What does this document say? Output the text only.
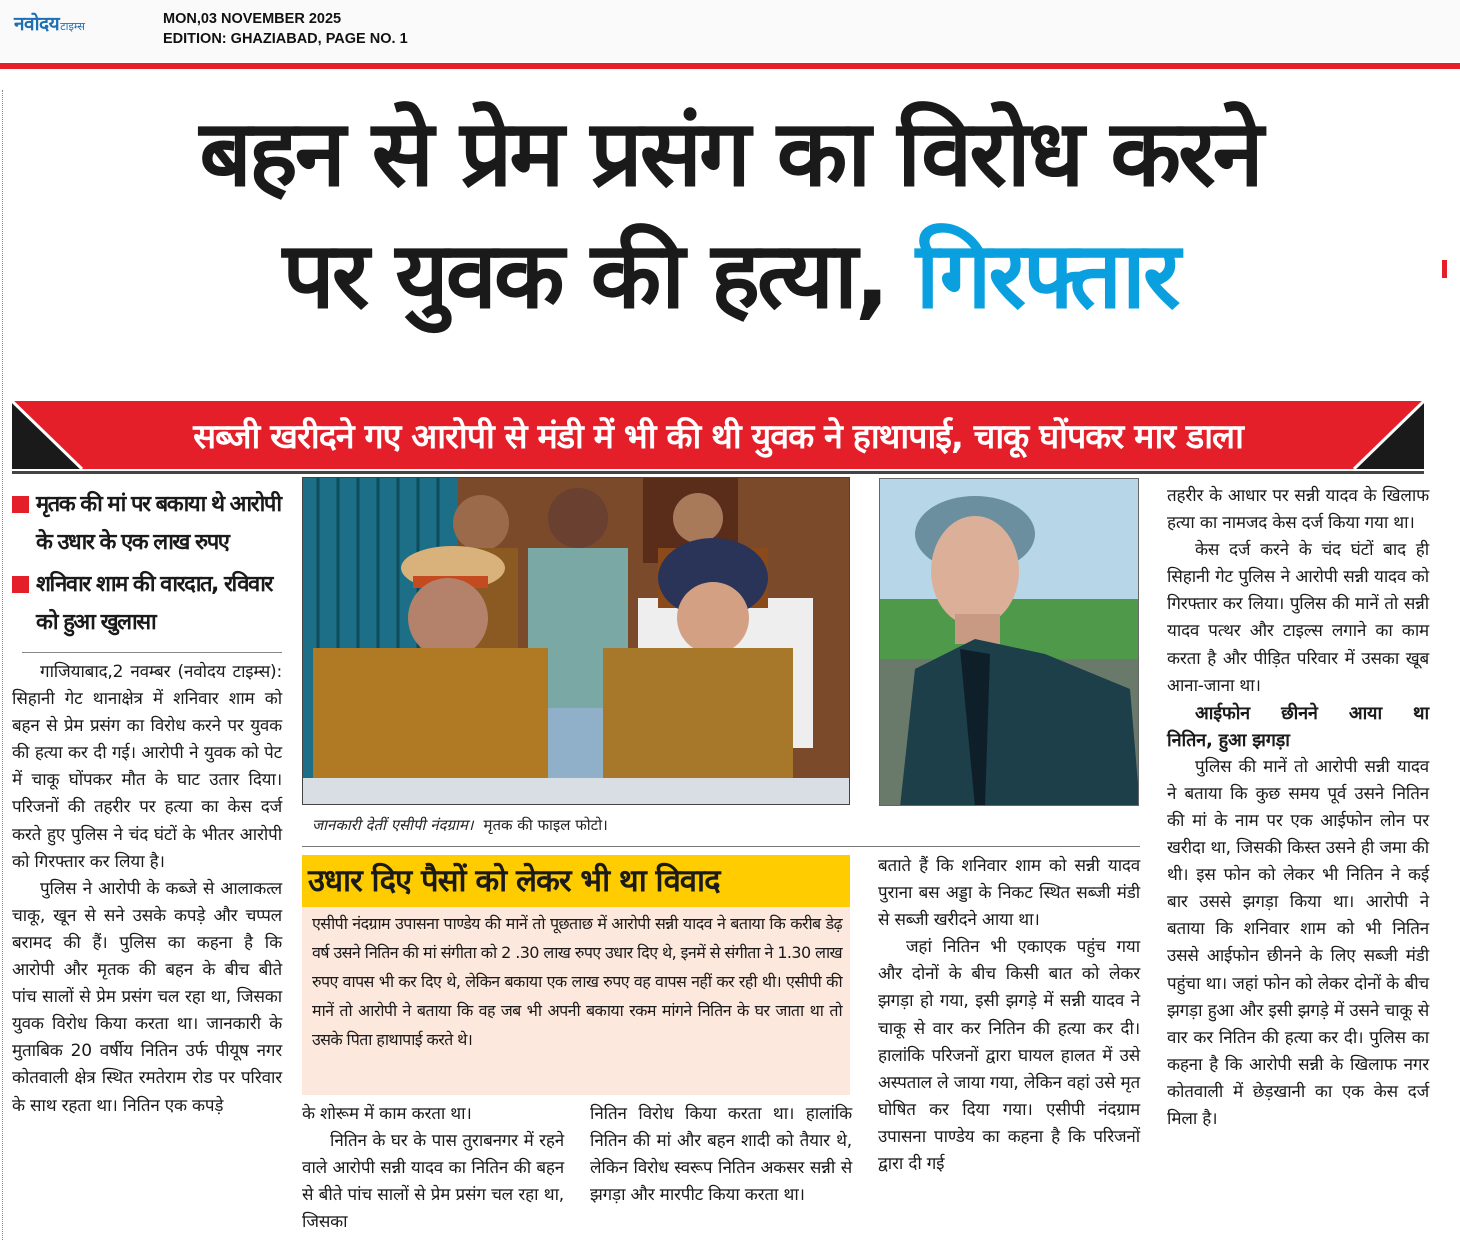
नवोदय टाइम्स	MON,03 NOVEMBER 2025
EDITION: GHAZIABAD, PAGE NO. 1
बहन से प्रेम प्रसंग का विरोध करने
पर युवक की हत्या, गिरफ्तार
सब्जी खरीदने गए आरोपी से मंडी में भी की थी युवक ने हाथापाई, चाकू घोंपकर मार डाला
मृतक की मां पर बकाया थे आरोपी के उधार के एक लाख रुपए
शनिवार शाम की वारदात, रविवार को हुआ खुलासा

गाजियाबाद,2 नवम्बर (नवोदय टाइम्स): सिहानी गेट थानाक्षेत्र में शनिवार शाम को बहन से प्रेम प्रसंग का विरोध करने पर युवक की हत्या कर दी गई। आरोपी ने युवक को पेट में चाकू घोंपकर मौत के घाट उतार दिया। परिजनों की तहरीर पर हत्या का केस दर्ज करते हुए पुलिस ने चंद घंटों के भीतर आरोपी को गिरफ्तार कर लिया है।

पुलिस ने आरोपी के कब्जे से आलाकत्ल चाकू, खून से सने उसके कपड़े और चप्पल बरामद की हैं। पुलिस का कहना है कि आरोपी और मृतक की बहन के बीच बीते पांच सालों से प्रेम प्रसंग चल रहा था, जिसका युवक विरोध किया करता था। जानकारी के मुताबिक 20 वर्षीय नितिन उर्फ पीयूष नगर कोतवाली क्षेत्र स्थित रमतेराम रोड पर परिवार के साथ रहता था। नितिन एक कपड़े

जानकारी देतीं एसीपी नंदग्राम। मृतक की फाइल फोटो।
उधार दिए पैसों को लेकर भी था विवाद
एसीपी नंदग्राम उपासना पाण्डेय की मानें तो पूछताछ में आरोपी सन्नी यादव ने बताया कि करीब डेढ़ वर्ष उसने नितिन की मां संगीता को 2 .30 लाख रुपए उधार दिए थे, इनमें से संगीता ने 1.30 लाख रुपए वापस भी कर दिए थे, लेकिन बकाया एक लाख रुपए वह वापस नहीं कर रही थी। एसीपी की मानें तो आरोपी ने बताया कि वह जब भी अपनी बकाया रकम मांगने नितिन के घर जाता था तो उसके पिता हाथापाई करते थे।

के शोरूम में काम करता था।

नितिन के घर के पास तुराबनगर में रहने वाले आरोपी सन्नी यादव का नितिन की बहन से बीते पांच सालों से प्रेम प्रसंग चल रहा था, जिसका

नितिन विरोध किया करता था। हालांकि नितिन की मां और बहन शादी को तैयार थे, लेकिन विरोध स्वरूप नितिन अकसर सन्नी से झगड़ा और मारपीट किया करता था।

बताते हैं कि शनिवार शाम को सन्नी यादव पुराना बस अड्डा के निकट स्थित सब्जी मंडी से सब्जी खरीदने आया था।

जहां नितिन भी एकाएक पहुंच गया और दोनों के बीच किसी बात को लेकर झगड़ा हो गया, इसी झगड़े में सन्नी यादव ने चाकू से वार कर नितिन की हत्या कर दी। हालांकि परिजनों द्वारा घायल हालत में उसे अस्पताल ले जाया गया, लेकिन वहां उसे मृत घोषित कर दिया गया। एसीपी नंदग्राम उपासना पाण्डेय का कहना है कि परिजनों द्वारा दी गई

तहरीर के आधार पर सन्नी यादव के खिलाफ हत्या का नामजद केस दर्ज किया गया था।

केस दर्ज करने के चंद घंटों बाद ही सिहानी गेट पुलिस ने आरोपी सन्नी यादव को गिरफ्तार कर लिया। पुलिस की मानें तो सन्नी यादव पत्थर और टाइल्स लगाने का काम करता है और पीड़ित परिवार में उसका खूब आना-जाना था।

आईफोन छीनने आया था
नितिन, हुआ झगड़ा

पुलिस की मानें तो आरोपी सन्नी यादव ने बताया कि कुछ समय पूर्व उसने नितिन की मां के नाम पर एक आईफोन लोन पर खरीदा था, जिसकी किस्त उसने ही जमा की थी। इस फोन को लेकर भी नितिन ने कई बार उससे झगड़ा किया था। आरोपी ने बताया कि शनिवार शाम को भी नितिन उससे आईफोन छीनने के लिए सब्जी मंडी पहुंचा था। जहां फोन को लेकर दोनों के बीच झगड़ा हुआ और इसी झगड़े में उसने चाकू से वार कर नितिन की हत्या कर दी। पुलिस का कहना है कि आरोपी सन्नी के खिलाफ नगर कोतवाली में छेड़खानी का एक केस दर्ज मिला है।
